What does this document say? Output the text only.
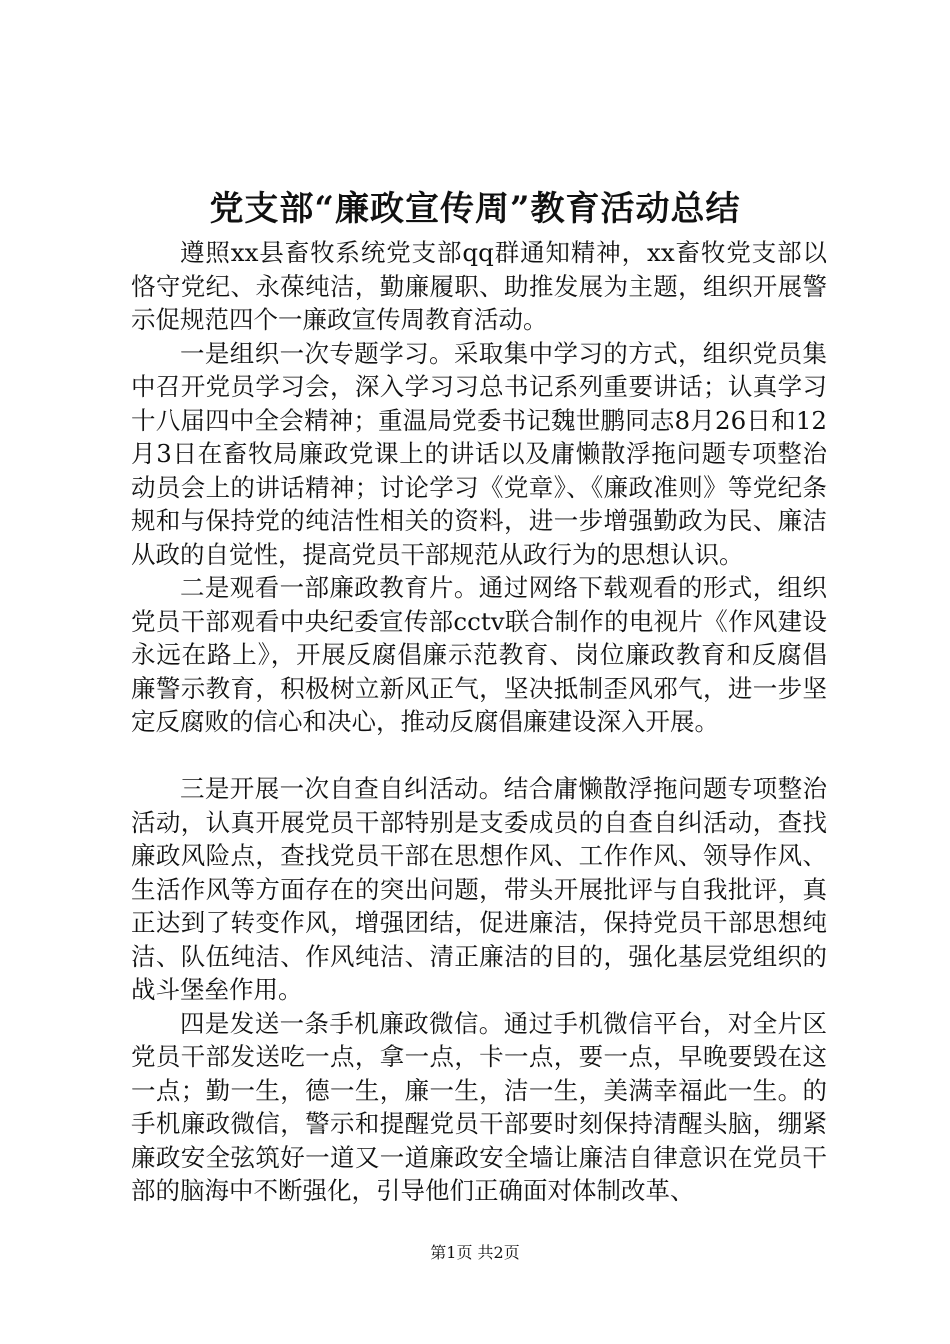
党支部“廉政宣传周”教育活动总结

遵照xx县畜牧系统党支部qq群通知精神，xx畜牧党支部以恪守党纪、永葆纯洁，勤廉履职、助推发展为主题，组织开展警示促规范四个一廉政宣传周教育活动。

一是组织一次专题学习。采取集中学习的方式，组织党员集中召开党员学习会，深入学习习总书记系列重要讲话；认真学习十八届四中全会精神；重温局党委书记魏世鹏同志8月26日和12月3日在畜牧局廉政党课上的讲话以及庸懒散浮拖问题专项整治动员会上的讲话精神；讨论学习《党章》、《廉政准则》等党纪条规和与保持党的纯洁性相关的资料，进一步增强勤政为民、廉洁从政的自觉性，提高党员干部规范从政行为的思想认识。

二是观看一部廉政教育片。通过网络下载观看的形式，组织党员干部观看中央纪委宣传部cctv联合制作的电视片《作风建设永远在路上》，开展反腐倡廉示范教育、岗位廉政教育和反腐倡廉警示教育，积极树立新风正气，坚决抵制歪风邪气，进一步坚定反腐败的信心和决心，推动反腐倡廉建设深入开展。

三是开展一次自查自纠活动。结合庸懒散浮拖问题专项整治活动，认真开展党员干部特别是支委成员的自查自纠活动，查找廉政风险点，查找党员干部在思想作风、工作作风、领导作风、生活作风等方面存在的突出问题，带头开展批评与自我批评，真正达到了转变作风，增强团结，促进廉洁，保持党员干部思想纯洁、队伍纯洁、作风纯洁、清正廉洁的目的，强化基层党组织的战斗堡垒作用。

四是发送一条手机廉政微信。通过手机微信平台，对全片区党员干部发送吃一点，拿一点，卡一点，要一点，早晚要毁在这一点；勤一生，德一生，廉一生，洁一生，美满幸福此一生。的手机廉政微信，警示和提醒党员干部要时刻保持清醒头脑，绷紧廉政安全弦筑好一道又一道廉政安全墙让廉洁自律意识在党员干部的脑海中不断强化，引导他们正确面对体制改革、

第1页 共2页
